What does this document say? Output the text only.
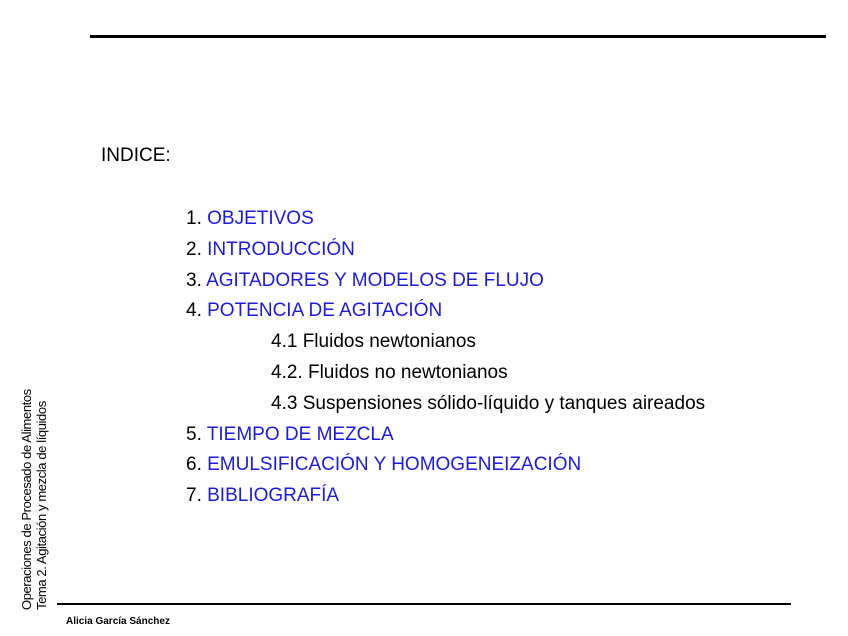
INDICE:
1. OBJETIVOS
2. INTRODUCCIÓN
3. AGITADORES Y MODELOS DE FLUJO
4. POTENCIA DE AGITACIÓN
4.1 Fluidos newtonianos
4.2. Fluidos no newtonianos
4.3 Suspensiones sólido-líquido y tanques aireados
5. TIEMPO DE MEZCLA
6. EMULSIFICACIÓN Y HOMOGENEIZACIÓN
7. BIBLIOGRAFÍA
Operaciones de Procesado de Alimentos Tema 2. Agitación y mezcla de líquidos
Alicia García Sánchez
